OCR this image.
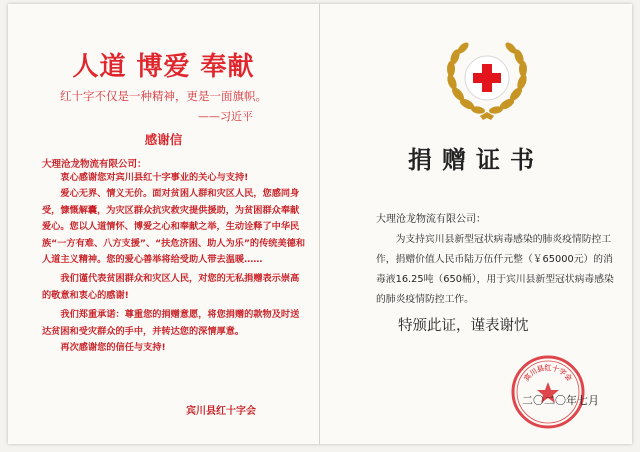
人道 博爱 奉献
红十字不仅是一种精神，更是一面旗帜。
——习近平
感谢信
大理沧龙物流有限公司：

衷心感谢您对宾川县红十字事业的关心与支持!

爱心无界、情义无价。面对贫困人群和灾区人民，您感同身受，慷慨解囊，为灾区群众抗灾救灾提供援助，为贫困群众奉献爱心。您以人道情怀、博爱之心和奉献之举，生动诠释了中华民族“一方有难、八方支援”、“扶危济困、助人为乐”的传统美德和人道主义精神。您的爱心善举将给受助人带去温暖……

我们谨代表贫困群众和灾区人民，对您的无私捐赠表示崇高的敬意和衷心的感谢!

我们郑重承诺：尊重您的捐赠意愿，将您捐赠的款物及时送达贫困和受灾群众的手中，并转达您的深情厚意。

再次感谢您的信任与支持!

宾川县红十字会
捐赠证书
大理沧龙物流有限公司：

为支持宾川县新型冠状病毒感染的肺炎疫情防控工作，捐赠价值人民币陆万伍仟元整（￥65000元）的消毒液16.25吨（650桶），用于宾川县新型冠状病毒感染的肺炎疫情防控工作。

特颁此证，谨表谢忱
宾川县红十字会
二〇二〇年七月
